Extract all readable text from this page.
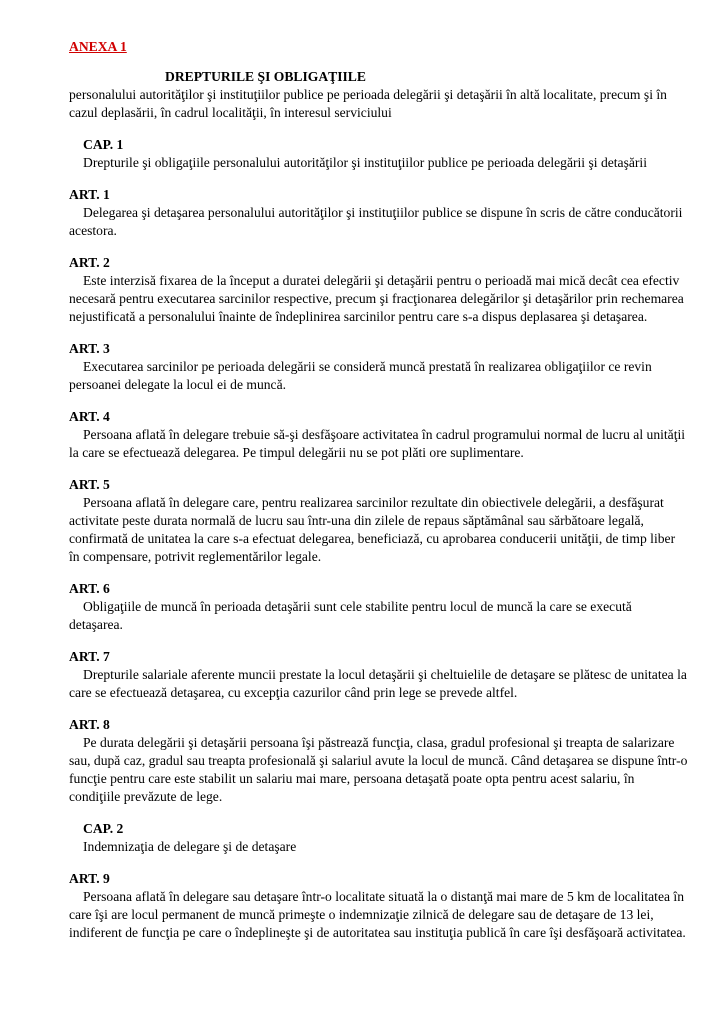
ANEXA 1
DREPTURILE ŞI OBLIGAŢIILE

personalului autorităţilor şi instituţiilor publice pe perioada delegării şi detaşării în altă localitate, precum şi în cazul deplasării, în cadrul localităţii, în interesul serviciului

CAP. 1

Drepturile şi obligaţiile personalului autorităţilor şi instituţiilor publice pe perioada delegării şi detaşării

ART. 1

Delegarea şi detaşarea personalului autorităţilor şi instituţiilor publice se dispune în scris de către conducătorii acestora.

ART. 2

Este interzisă fixarea de la început a duratei delegării şi detaşării pentru o perioadă mai mică decât cea efectiv necesară pentru executarea sarcinilor respective, precum şi fracţionarea delegărilor şi detaşărilor prin rechemarea nejustificată a personalului înainte de îndeplinirea sarcinilor pentru care s-a dispus deplasarea şi detaşarea.

ART. 3

Executarea sarcinilor pe perioada delegării se consideră muncă prestată în realizarea obligaţiilor ce revin persoanei delegate la locul ei de muncă.

ART. 4

Persoana aflată în delegare trebuie să-şi desfăşoare activitatea în cadrul programului normal de lucru al unităţii la care se efectuează delegarea. Pe timpul delegării nu se pot plăti ore suplimentare.

ART. 5

Persoana aflată în delegare care, pentru realizarea sarcinilor rezultate din obiectivele delegării, a desfăşurat activitate peste durata normală de lucru sau într-una din zilele de repaus săptămânal sau sărbătoare legală, confirmată de unitatea la care s-a efectuat delegarea, beneficiază, cu aprobarea conducerii unităţii, de timp liber în compensare, potrivit reglementărilor legale.

ART. 6

Obligaţiile de muncă în perioada detaşării sunt cele stabilite pentru locul de muncă la care se execută detaşarea.

ART. 7

Drepturile salariale aferente muncii prestate la locul detaşării şi cheltuielile de detaşare se plătesc de unitatea la care se efectuează detaşarea, cu excepţia cazurilor când prin lege se prevede altfel.

ART. 8

Pe durata delegării şi detaşării persoana îşi păstrează funcţia, clasa, gradul profesional şi treapta de salarizare sau, după caz, gradul sau treapta profesională şi salariul avute la locul de muncă. Când detaşarea se dispune într-o funcţie pentru care este stabilit un salariu mai mare, persoana detaşată poate opta pentru acest salariu, în condiţiile prevăzute de lege.

CAP. 2

Indemnizaţia de delegare şi de detaşare

ART. 9

Persoana aflată în delegare sau detaşare într-o localitate situată la o distanţă mai mare de 5 km de localitatea în care îşi are locul permanent de muncă primeşte o indemnizaţie zilnică de delegare sau de detaşare de 13 lei, indiferent de funcţia pe care o îndeplineşte şi de autoritatea sau instituţia publică în care îşi desfăşoară activitatea.
